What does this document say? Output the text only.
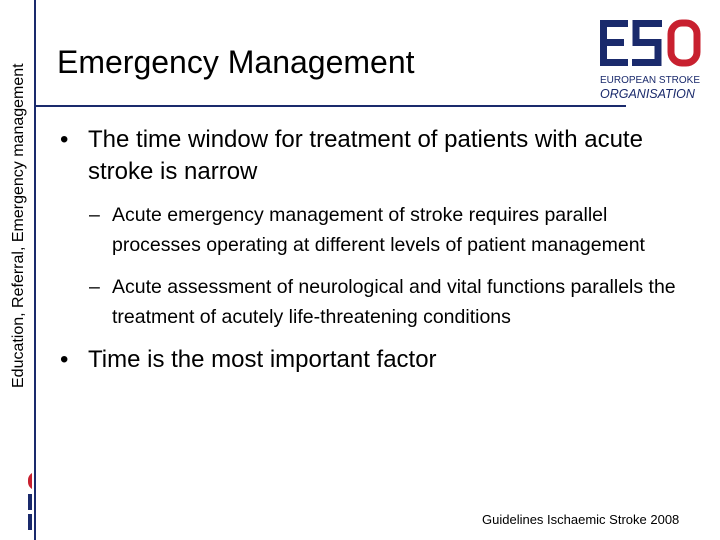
Education, Referral, Emergency management
Emergency Management
EUROPEAN STROKE
ORGANISATION
• The time window for treatment of patients with acute stroke is narrow
– Acute emergency management of stroke requires parallel processes operating at different levels of patient management
– Acute assessment of neurological and vital functions parallels the treatment of acutely life-threatening conditions
• Time is the most important factor
Guidelines Ischaemic Stroke 2008
